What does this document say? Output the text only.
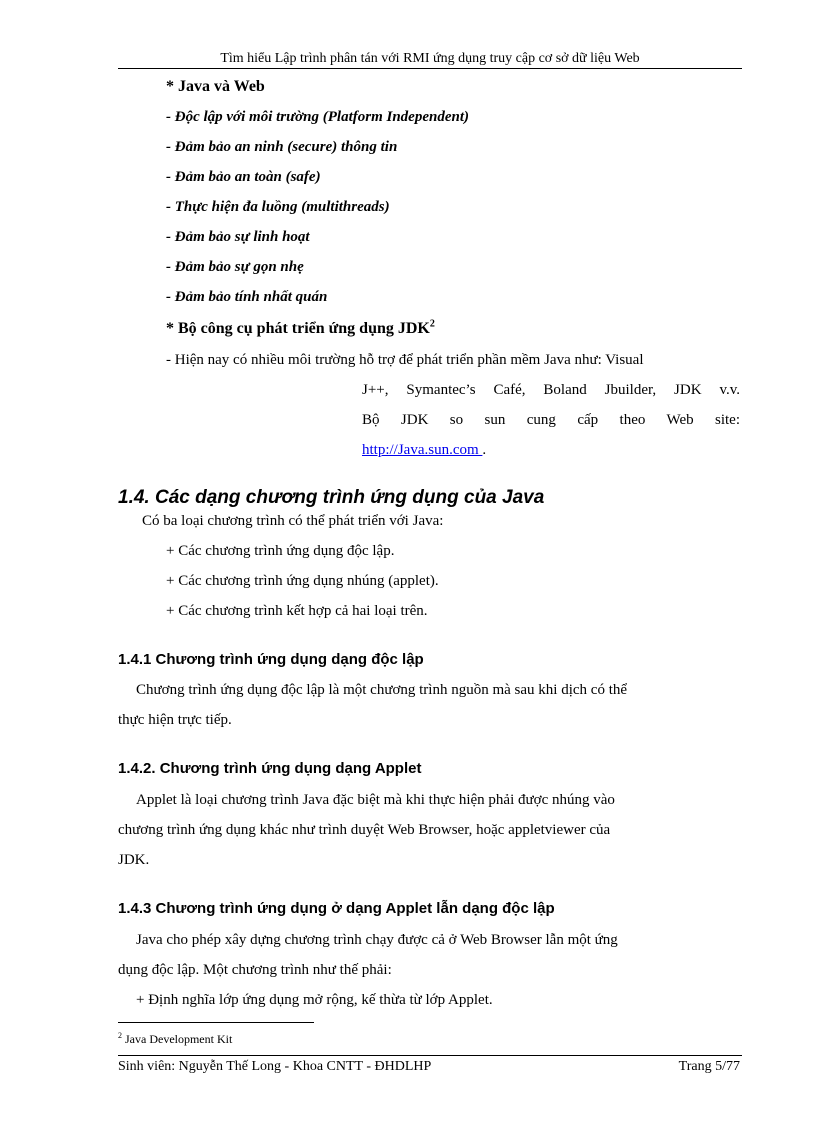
Tìm hiểu Lập trình phân tán với RMI ứng dụng truy cập cơ sở dữ liệu Web
* Java và Web
- Độc lập với môi trường (Platform Independent)
- Đảm bảo an ninh (secure) thông tin
- Đảm bảo an toàn (safe)
- Thực hiện đa luồng (multithreads)
- Đảm bảo sự linh hoạt
- Đảm bảo sự gọn nhẹ
- Đảm bảo tính nhất quán
* Bộ công cụ phát triển ứng dụng JDK$^2$
- Hiện nay có nhiều môi trường hỗ trợ để phát triển phần mềm Java như: Visual
J++, Symantec’s Café, Boland Jbuilder, JDK v.v.
Bộ JDK so sun cung cấp theo Web site:
http://Java.sun.com .
1.4. Các dạng chương trình ứng dụng của Java
Có ba loại chương trình có thể phát triển với Java:
+ Các chương trình ứng dụng độc lập.
+ Các chương trình ứng dụng nhúng (applet).
+ Các chương trình kết hợp cả hai loại trên.
1.4.1 Chương trình ứng dụng dạng độc lập
Chương trình ứng dụng độc lập là một chương trình nguồn mà sau khi dịch có thể
thực hiện trực tiếp.
1.4.2. Chương trình ứng dụng dạng Applet
Applet là loại chương trình Java đặc biệt mà khi thực hiện phải được nhúng vào
chương trình ứng dụng khác như trình duyệt Web Browser, hoặc appletviewer của
JDK.
1.4.3 Chương trình ứng dụng ở dạng Applet lẫn dạng độc lập
Java cho phép xây dựng chương trình chạy được cả ở Web Browser lẫn một ứng
dụng độc lập. Một chương trình như thế phải:
+ Định nghĩa lớp ứng dụng mở rộng, kế thừa từ lớp Applet.
$^2$ Java Development Kit
Sinh viên: Nguyễn Thế Long - Khoa CNTT - ĐHDLHP	Trang 5/77
